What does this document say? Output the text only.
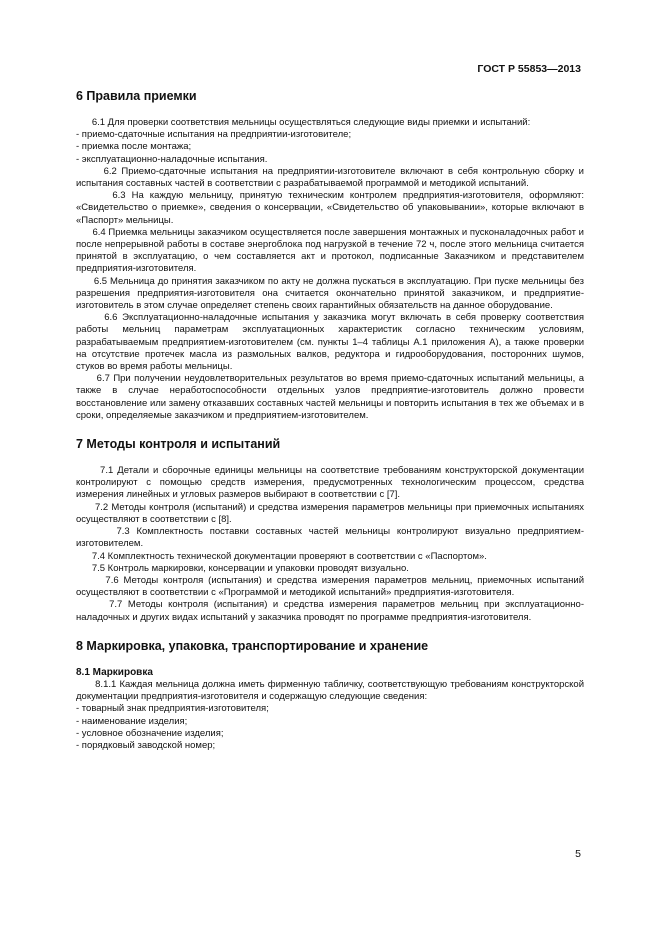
ГОСТ Р 55853—2013
6 Правила приемки

6.1 Для проверки соответствия мельницы осуществляться следующие виды приемки и испытаний:

- приемо-сдаточные испытания на предприятии-изготовителе;

- приемка после монтажа;

- эксплуатационно-наладочные испытания.

6.2 Приемо-сдаточные испытания на предприятии-изготовителе включают в себя контрольную сборку и испытания составных частей в соответствии с разрабатываемой программой и методикой испытаний.

6.3 На каждую мельницу, принятую техническим контролем предприятия-изготовителя, оформляют: «Свидетельство о приемке», сведения о консервации, «Свидетельство об упаковывании», которые включают в «Паспорт» мельницы.

6.4 Приемка мельницы заказчиком осуществляется после завершения монтажных и пусконаладочных работ и после непрерывной работы в составе энергоблока под нагрузкой в течение 72 ч, после этого мельница считается принятой в эксплуатацию, о чем составляется акт и протокол, подписанные Заказчиком и представителем предприятия-изготовителя.

6.5 Мельница до принятия заказчиком по акту не должна пускаться в эксплуатацию. При пуске мельницы без разрешения предприятия-изготовителя она считается окончательно принятой заказчиком, и предприятие-изготовитель в этом случае определяет степень своих гарантийных обязательств на данное оборудование.

6.6 Эксплуатационно-наладочные испытания у заказчика могут включать в себя проверку соответствия работы мельниц параметрам эксплуатационных характеристик согласно техническим условиям, разрабатываемым предприятием-изготовителем (см. пункты 1–4 таблицы А.1 приложения А), а также проверки на отсутствие протечек масла из размольных валков, редуктора и гидрооборудования, посторонних шумов, стуков во время работы мельницы.

6.7 При получении неудовлетворительных результатов во время приемо-сдаточных испытаний мельницы, а также в случае неработоспособности отдельных узлов предприятие-изготовитель должно провести восстановление или замену отказавших составных частей мельницы и повторить испытания в тех же объемах и в сроки, определяемые заказчиком и предприятием-изготовителем.

7 Методы контроля и испытаний

7.1 Детали и сборочные единицы мельницы на соответствие требованиям конструкторской документации контролируют с помощью средств измерения, предусмотренных технологическим процессом, средства измерения линейных и угловых размеров выбирают в соответствии с [7].

7.2 Методы контроля (испытаний) и средства измерения параметров мельницы при приемочных испытаниях осуществляют в соответствии с [8].

7.3 Комплектность поставки составных частей мельницы контролируют визуально предприятием-изготовителем.

7.4 Комплектность технической документации проверяют в соответствии с «Паспортом».

7.5 Контроль маркировки, консервации и упаковки проводят визуально.

7.6 Методы контроля (испытания) и средства измерения параметров мельниц, приемочных испытаний осуществляют в соответствии с «Программой и методикой испытаний» предприятия-изготовителя.

7.7 Методы контроля (испытания) и средства измерения параметров мельниц при эксплуатационно-наладочных и других видах испытаний у заказчика проводят по программе предприятия-изготовителя.

8 Маркировка, упаковка, транспортирование и хранение
8.1 Маркировка

8.1.1 Каждая мельница должна иметь фирменную табличку, соответствующую требованиям конструкторской документации предприятия-изготовителя и содержащую следующие сведения:

- товарный знак предприятия-изготовителя;

- наименование изделия;

- условное обозначение изделия;

- порядковый заводской номер;

5
